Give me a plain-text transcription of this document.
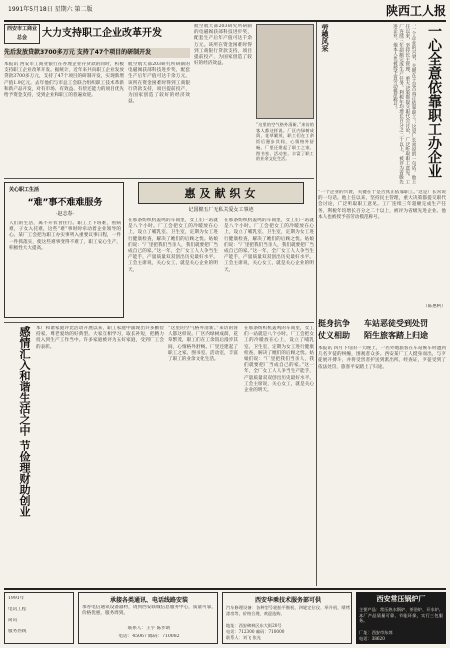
1991年5月18日 星期六 第二版	陕西工人报
西安市工商业总会	大力支持职工企业改革开发
先后发放贷款3700多万元 支持了47个项目的研制开发
本报讯 西安市工商业银行在办理企业存贷款的同时，积极支持职工企业改革开发。据统计，近年来共向职工企业发放贷款3700多万元，支持了47个项目的研制开发，实现新增产值1.9亿元。去年他们与市总工会联合组织职工技术革新和新产品开发，对有市场、有效益、有偿还能力的项目优先给予资金支持，受到企业和职工的普遍欢迎。
航空航天部203研究所研制的电磁阀获部科技进步奖，配套生产后年产值可达千余万元。该所在资金困难时得到工商银行贷款支持，项目提前投产，为国家创造了较好的经济效益。
航空航天部203研究所研制的电磁阀获部科技进步奖，配套生产后年产值可达千余万元。该所在资金困难时得到工商银行贷款支持，项目提前投产，为国家创造了较好的经济效益。
“这里的空气格外清新。”来访的客人都这样说。厂区内绿树成荫，花草繁茂，职工们在工余饭后漫步其间，心情格外舒畅。厂里还建起了职工之家、图书室、活动室，丰富了职工的业余文化生活。
劳模风采	一心全意依靠职工办企业
“一个企业的兴衰，关键在于是否真正依靠职工。”这是厂长常说的一句话。他上任以来，坚持民主管理，重大决策都提交职代会讨论，广泛听取职工意见。工厂连续三年超额完成生产任务，利税年均增长百分之二十以上，被评为省级先进企业。他本人也被授予省劳动模范称号。
“一个企业的兴衰，关键在于是否真正依靠职工。”这是厂长常说的一句话。他上任以来，坚持民主管理，重大决策都提交职代会讨论，广泛听取职工意见。工厂连续三年超额完成生产任务，利税年均增长百分之二十以上，被评为省级先进企业。他本人也被授予省劳动模范称号。
（陈惠柯）
关心职工生活
“难”事不难难服务
·赵志春·
人们的生活，离不开衣食住行。职工上下班难，看病难，子女入托难，这些“难”事时时牵动着企业领导的心。某厂工会把为职工办实事列入重要议事日程，一件一件抓落实，使这些难事变得不难了，职工安心生产，积极性大大提高。
惠及献织女
记国棉五厂无私关爱女工事迹
在那条纺织机轰鸣的车间里，女工们一站就是八个小时。厂工会把女工的冷暖放在心上，设立了哺乳室、卫生室，定期为女工进行健康检查，解决了她们的后顾之忧。姑娘们说：“厂里把我们当亲人，我们就要把厂当成自己的家。”这一年，全厂女工人人争当生产能手，产量质量双双创出历史最好水平。工会主席说，关心女工，就是关心企业的明天。
在那条纺织机轰鸣的车间里，女工们一站就是八个小时。厂工会把女工的冷暖放在心上，设立了哺乳室、卫生室，定期为女工进行健康检查，解决了她们的后顾之忧。姑娘们说：“厂里把我们当亲人，我们就要把厂当成自己的家。”这一年，全厂女工人人争当生产能手，产量质量双双创出历史最好水平。工会主席说，关心女工，就是关心企业的明天。
感情汇入和谐生活之中 节俭理财助创业 本厂和谐家庭评比活动开展以来，职工家庭中涌现出许多勤俭持家、尊老爱幼的好典型。大家互相学习，取长补短，把精力投入到生产工作当中。许多家庭被评为五好家庭，受到厂工会的表彰。
“这里的空气格外清新。”来访的客人都这样说。厂区内绿树成荫，花草繁茂，职工们在工余饭后漫步其间，心情格外舒畅。厂里还建起了职工之家、图书室、活动室，丰富了职工的业余文化生活。
在那条纺织机轰鸣的车间里，女工们一站就是八个小时。厂工会把女工的冷暖放在心上，设立了哺乳室、卫生室，定期为女工进行健康检查，解决了她们的后顾之忧。姑娘们说：“厂里把我们当亲人，我们就要把厂当成自己的家。”这一年，全厂女工人人争当生产能手，产量质量双双创出历史最好水平。工会主席说，关心女工，就是关心企业的明天。
挺身抗争
仗义相助
车站恶徒受到处罚
陌生旅客踏上归途
本报讯 四月下旬的一天晚上，一名外地旅客在车站候车时遭到几名歹徒的纠缠，围观者众多。西安某厂工人挺身而出，与歹徒展开搏斗，并将受害者护送到派出所。经查证，歹徒受到了依法处罚，旅客平安踏上了归途。
1991年
电讯工程
简讯
服务热线
承接各类通讯、电话线路安装
承办电信通讯设备器材，请到西安联城信息服务中心，质量可靠，价格优惠，服务周到。
联系人：王宇 陈步助
电话：45067 邮码：710082
西安华乘技术服务部可供
汽车修理设备：各种型号轮胎平衡机、四轮定位仪、举升机、喷烤漆房等，价格合理，欢迎选购。
地址：西安碑林区东大街20号
电话：712300 邮码：710000
联系人：刘飞 张光
西安常压锅炉厂
主要产品：常压热水锅炉、茶浴炉、开水炉。本厂产品质量可靠，节能环保，实行三包服务。
厂址：西安市东郊
电话：38620
